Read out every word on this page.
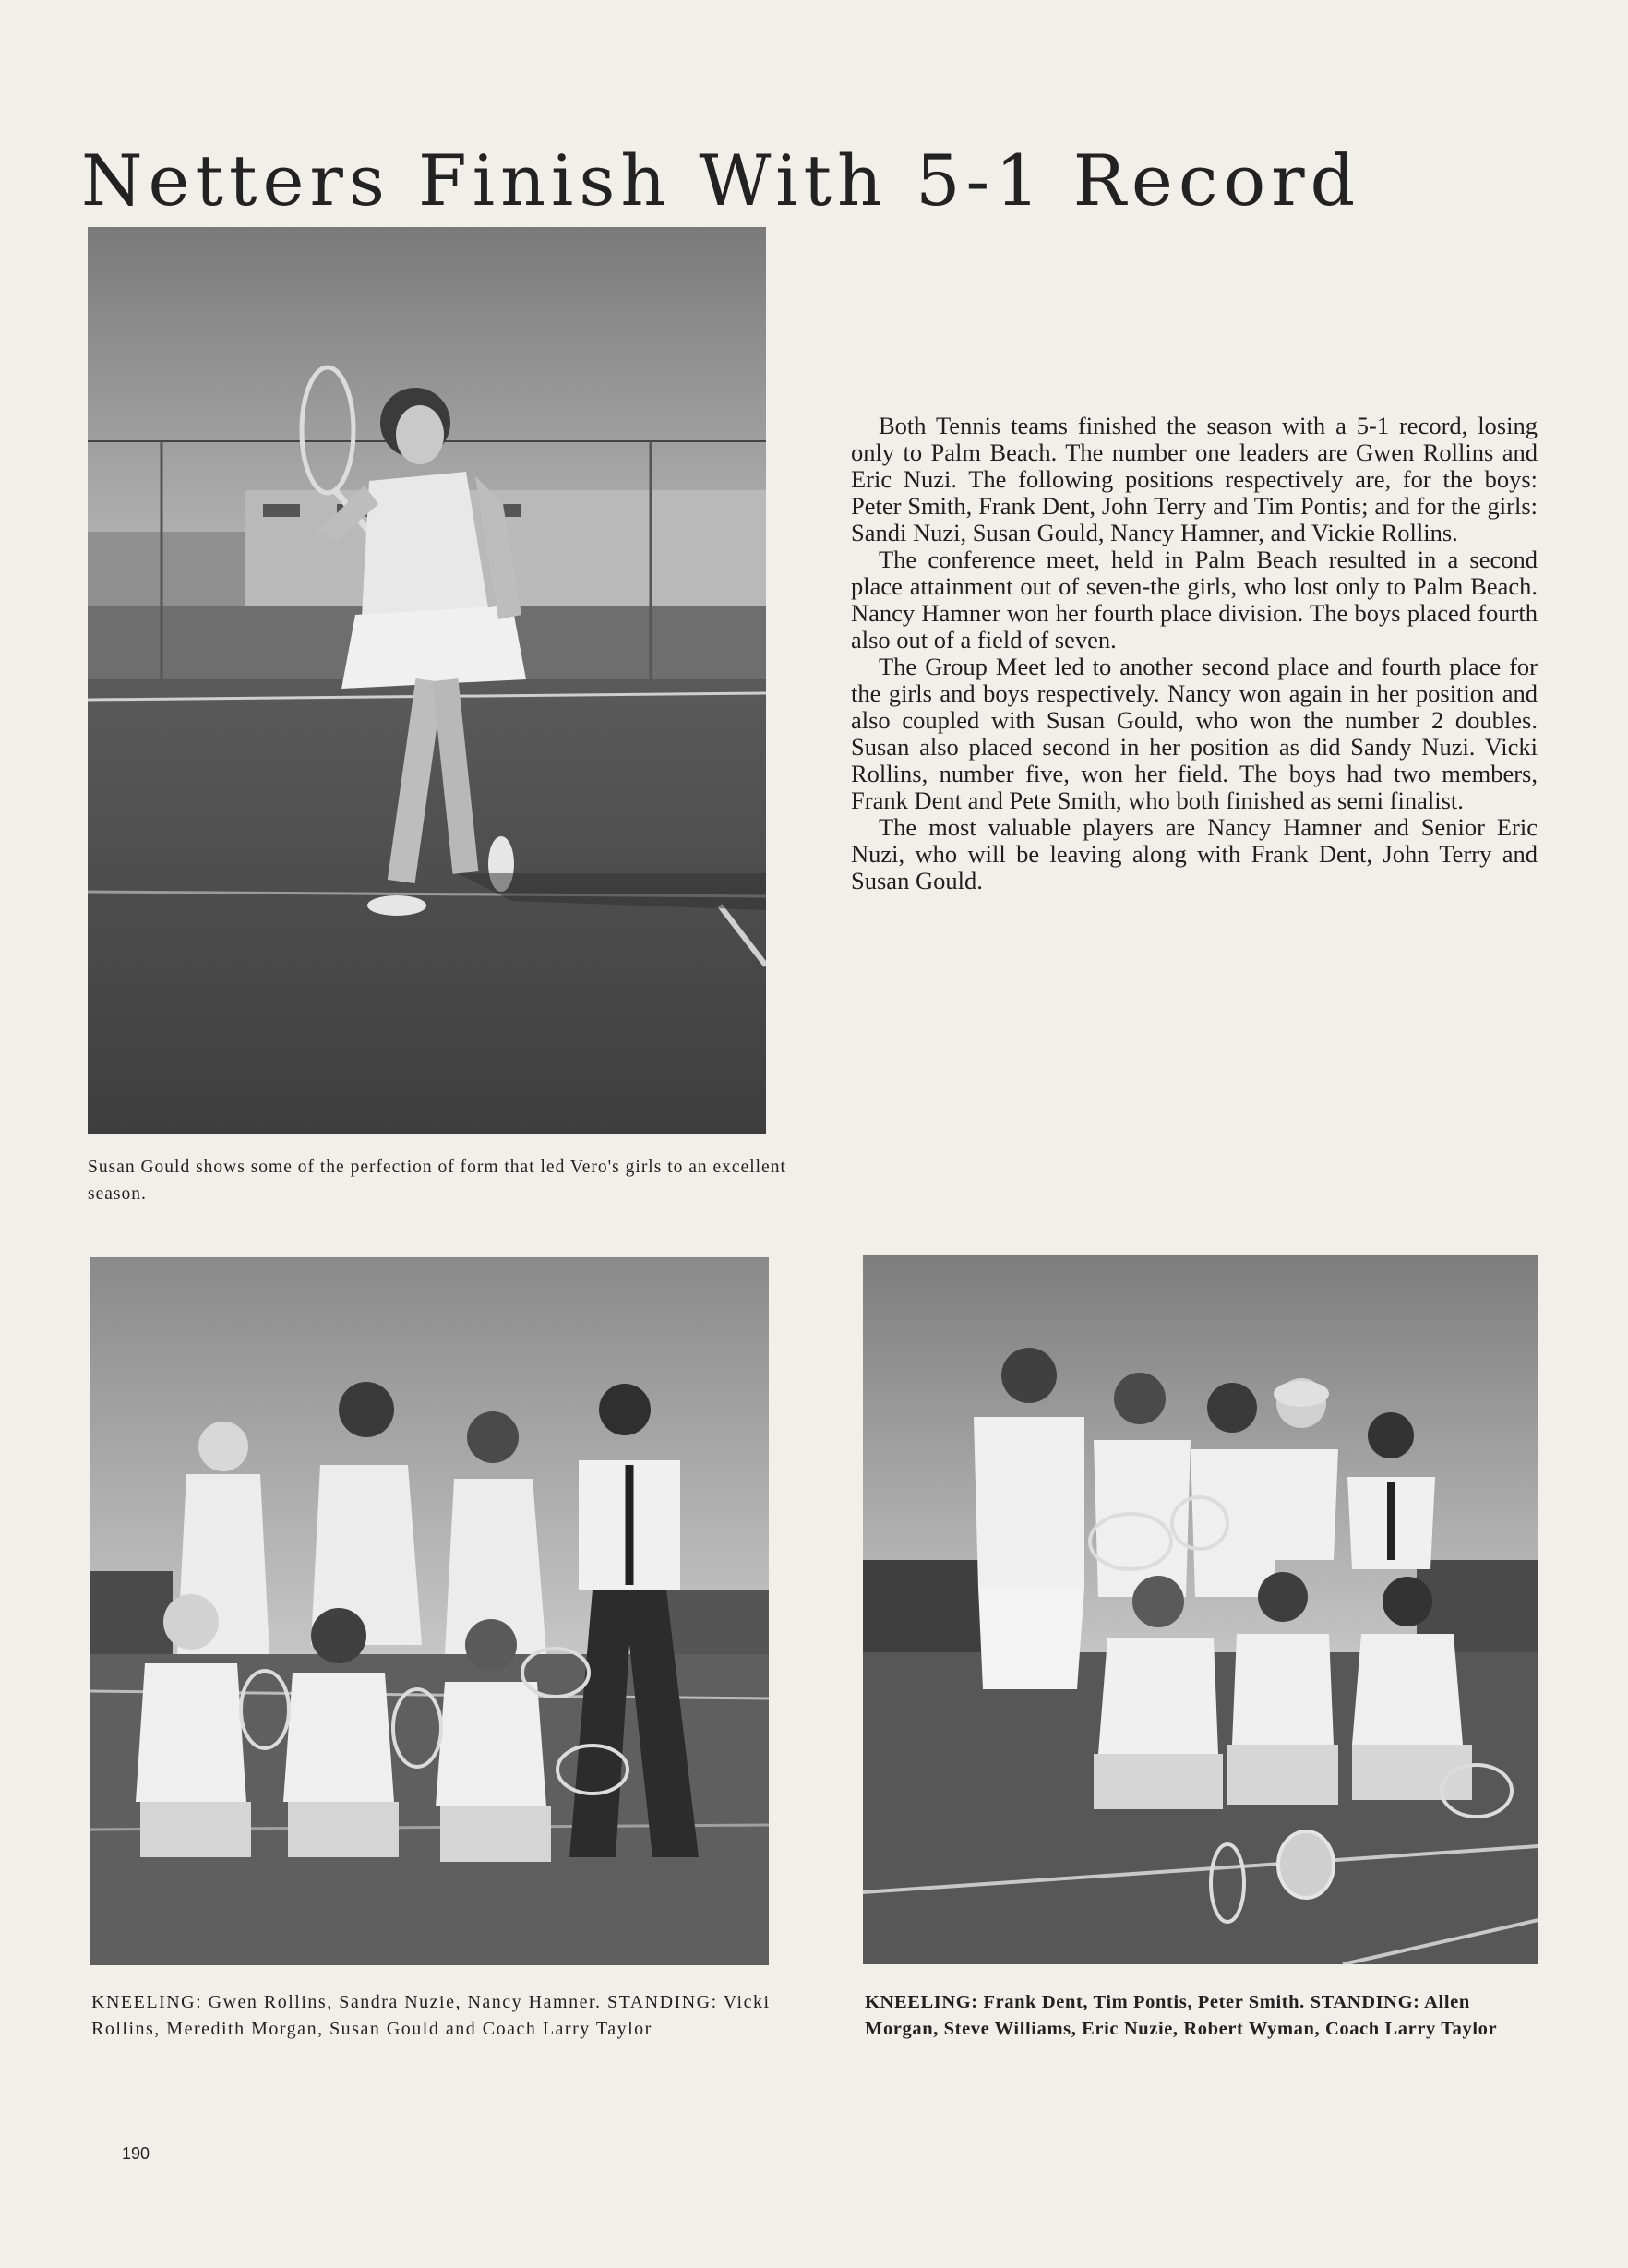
Netters Finish With 5-1 Record
Susan Gould shows some of the perfection of form that led Vero's girls to an excellent season.

Both Tennis teams finished the season with a 5-1 record, losing only to Palm Beach. The number one leaders are Gwen Rollins and Eric Nuzi. The following positions respectively are, for the boys: Peter Smith, Frank Dent, John Terry and Tim Pontis; and for the girls: Sandi Nuzi, Susan Gould, Nancy Hamner, and Vickie Rollins.

The conference meet, held in Palm Beach resulted in a second place attainment out of seven-the girls, who lost only to Palm Beach. Nancy Hamner won her fourth place division. The boys placed fourth also out of a field of seven.

The Group Meet led to another second place and fourth place for the girls and boys respectively. Nancy won again in her position and also coupled with Susan Gould, who won the number 2 doubles. Susan also placed second in her position as did Sandy Nuzi. Vicki Rollins, number five, won her field. The boys had two members, Frank Dent and Pete Smith, who both finished as semi finalist.

The most valuable players are Nancy Hamner and Senior Eric Nuzi, who will be leaving along with Frank Dent, John Terry and Susan Gould.

KNEELING: Gwen Rollins, Sandra Nuzie, Nancy Hamner. STANDING: Vicki Rollins, Meredith Morgan, Susan Gould and Coach Larry Taylor
KNEELING: Frank Dent, Tim Pontis, Peter Smith. STANDING: Allen Morgan, Steve Williams, Eric Nuzie, Robert Wyman, Coach Larry Taylor
190
